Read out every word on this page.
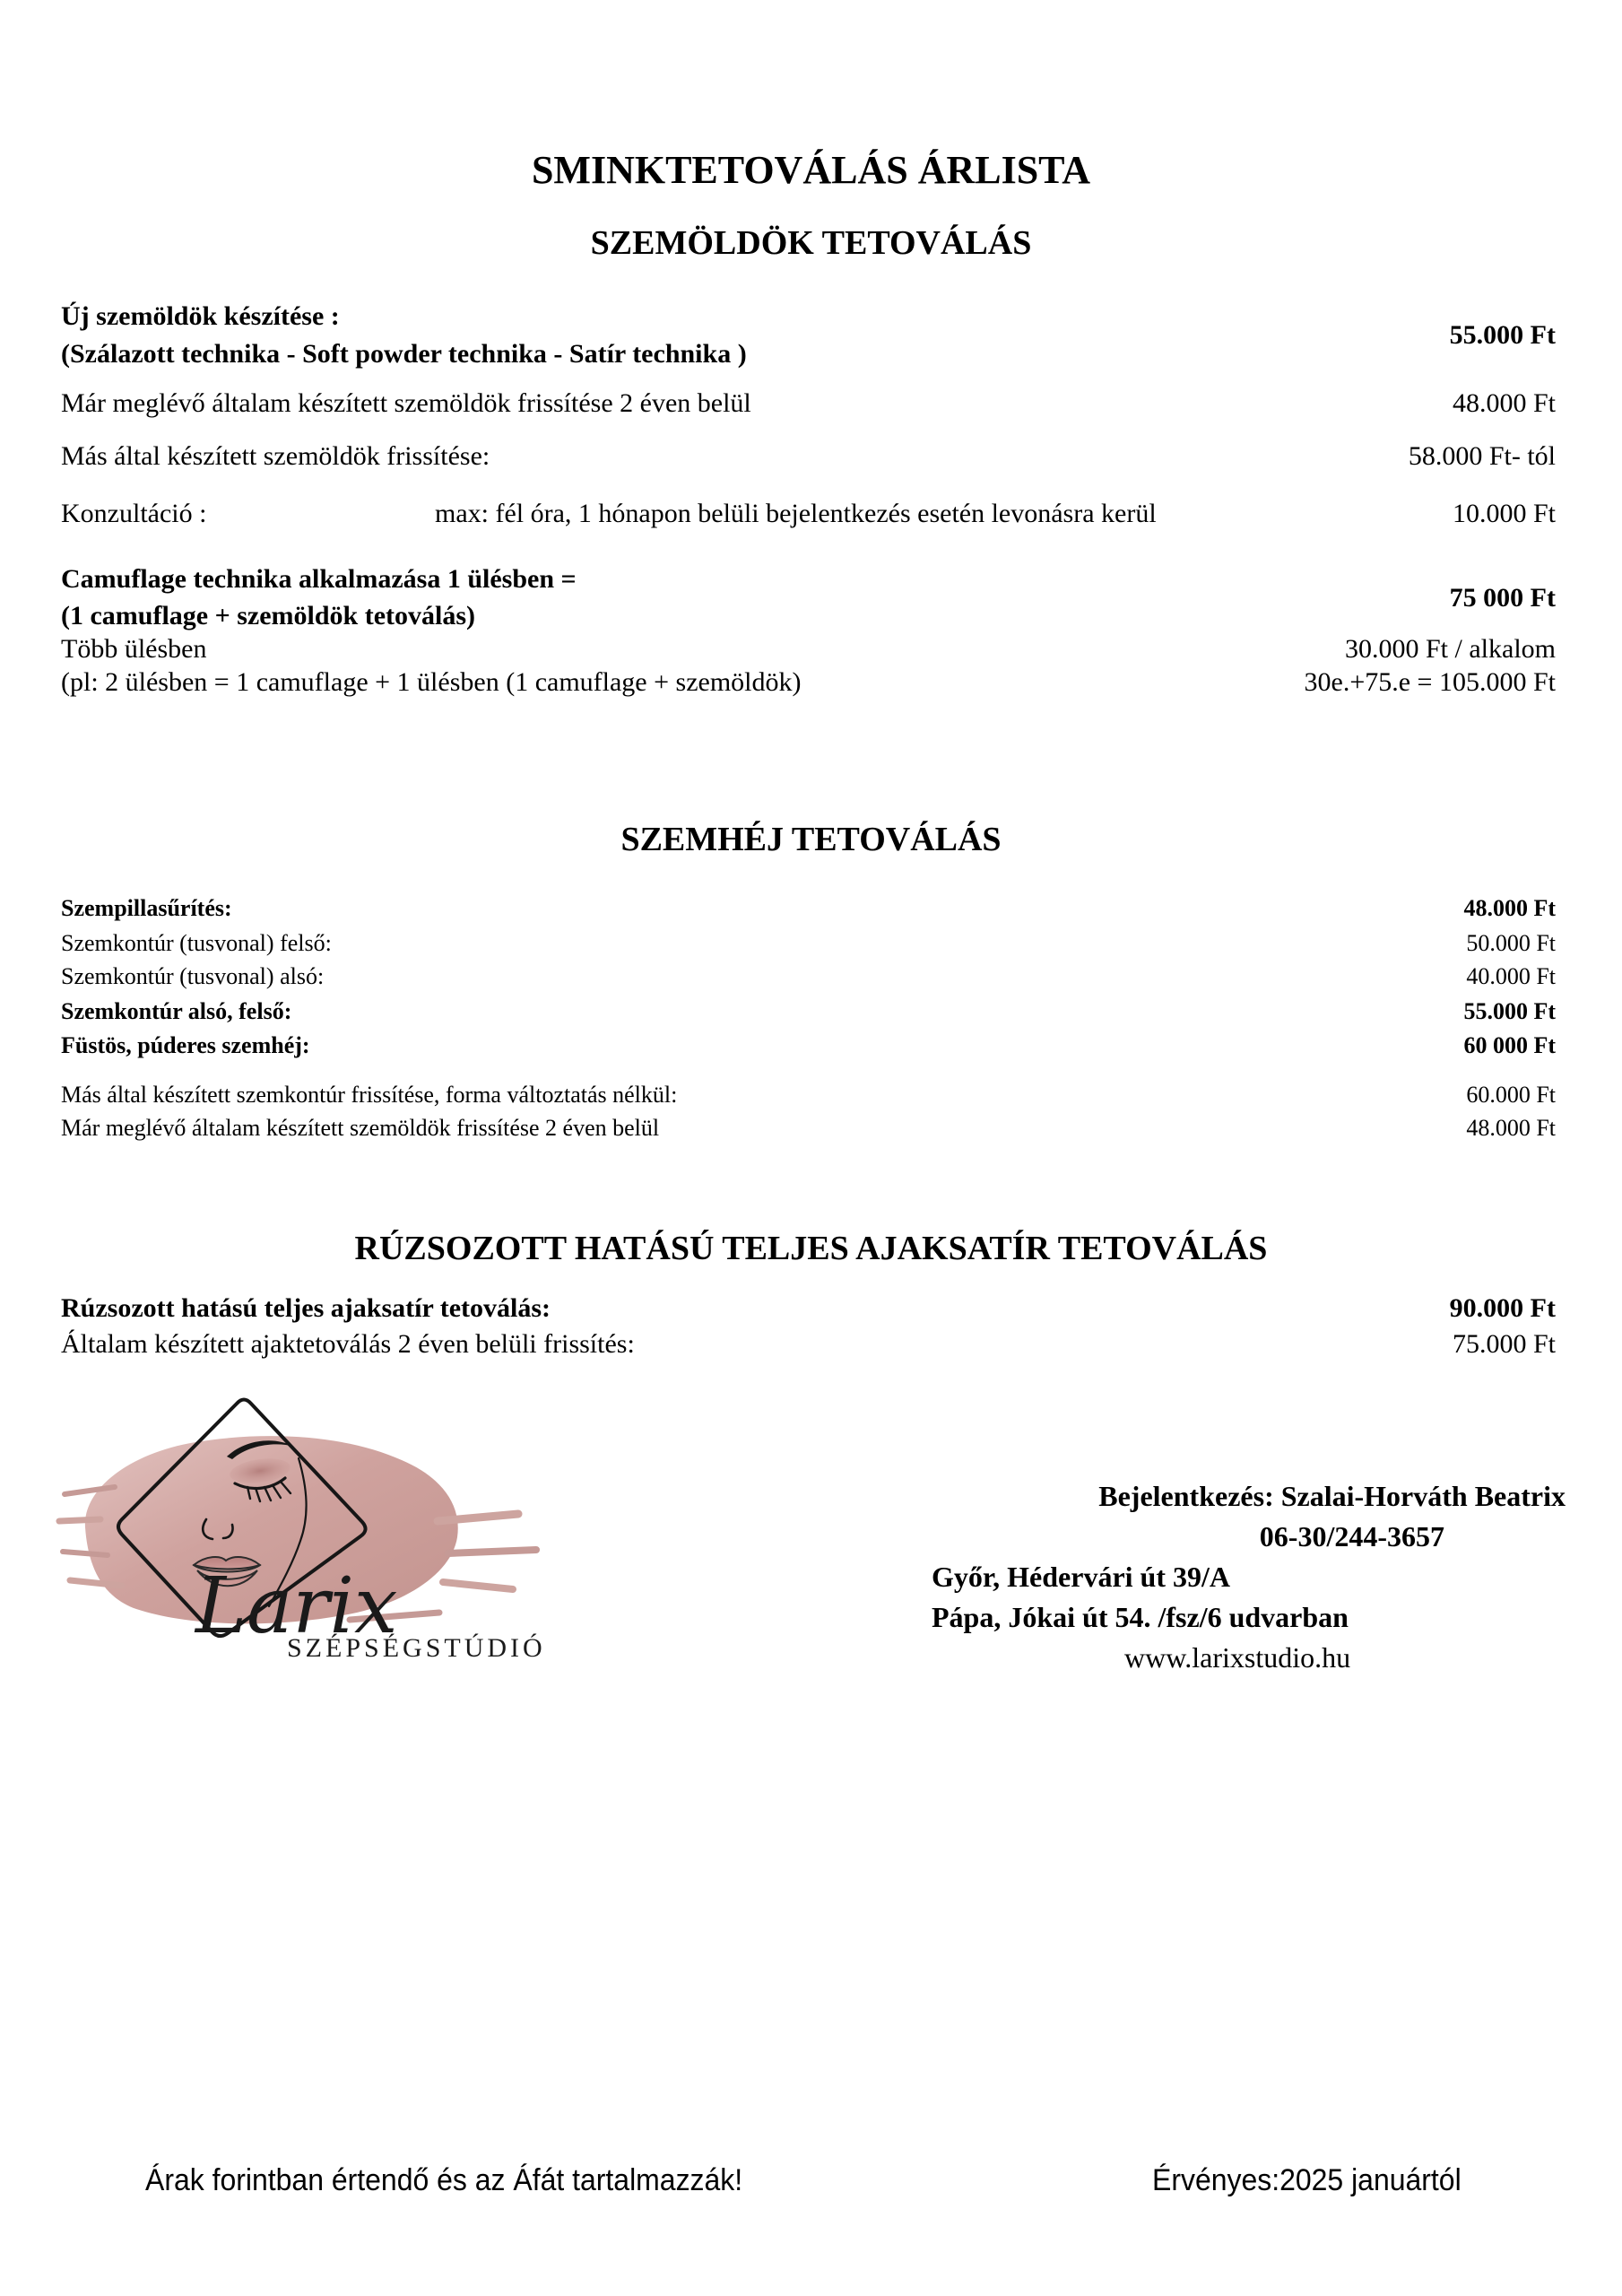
SMINKTETOVÁLÁS ÁRLISTA
SZEMÖLDÖK TETOVÁLÁS
Új szemöldök készítése :
(Szálazott technika - Soft powder technika - Satír technika )
55.000 Ft
Már meglévő általam készített szemöldök frissítése 2 éven belül	48.000 Ft
Más által készített szemöldök frissítése:	58.000 Ft- tól
Konzultáció :	max: fél óra, 1 hónapon belüli bejelentkezés esetén levonásra kerül	10.000 Ft
Camuflage technika alkalmazása 1 ülésben =
(1 camuflage + szemöldök tetoválás)
75 000 Ft
Több ülésben	30.000 Ft / alkalom
(pl: 2 ülésben = 1 camuflage + 1 ülésben (1 camuflage + szemöldök)	30e.+75.e = 105.000 Ft
SZEMHÉJ TETOVÁLÁS
Szempillasűrítés:	48.000 Ft
Szemkontúr (tusvonal) felső:	50.000 Ft
Szemkontúr (tusvonal) alsó:	40.000 Ft
Szemkontúr alsó, felső:	55.000 Ft
Füstös, púderes szemhéj:	60 000 Ft
Más által készített szemkontúr frissítése, forma változtatás nélkül:	60.000 Ft
Már meglévő általam készített szemöldök frissítése 2 éven belül	48.000 Ft
RÚZSOZOTT HATÁSÚ TELJES AJAKSATÍR TETOVÁLÁS
Rúzsozott hatású teljes ajaksatír tetoválás:	90.000 Ft
Általam készített ajaktetoválás 2 éven belüli frissítés:	75.000 Ft
Larix
SZÉPSÉGSTÚDIÓ
Bejelentkezés: Szalai-Horváth Beatrix
06-30/244-3657
Győr, Hédervári út 39/A
Pápa, Jókai út 54. /fsz/6 udvarban
www.larixstudio.hu
Árak forintban értendő és az Áfát tartalmazzák!	Érvényes:2025 januártól
